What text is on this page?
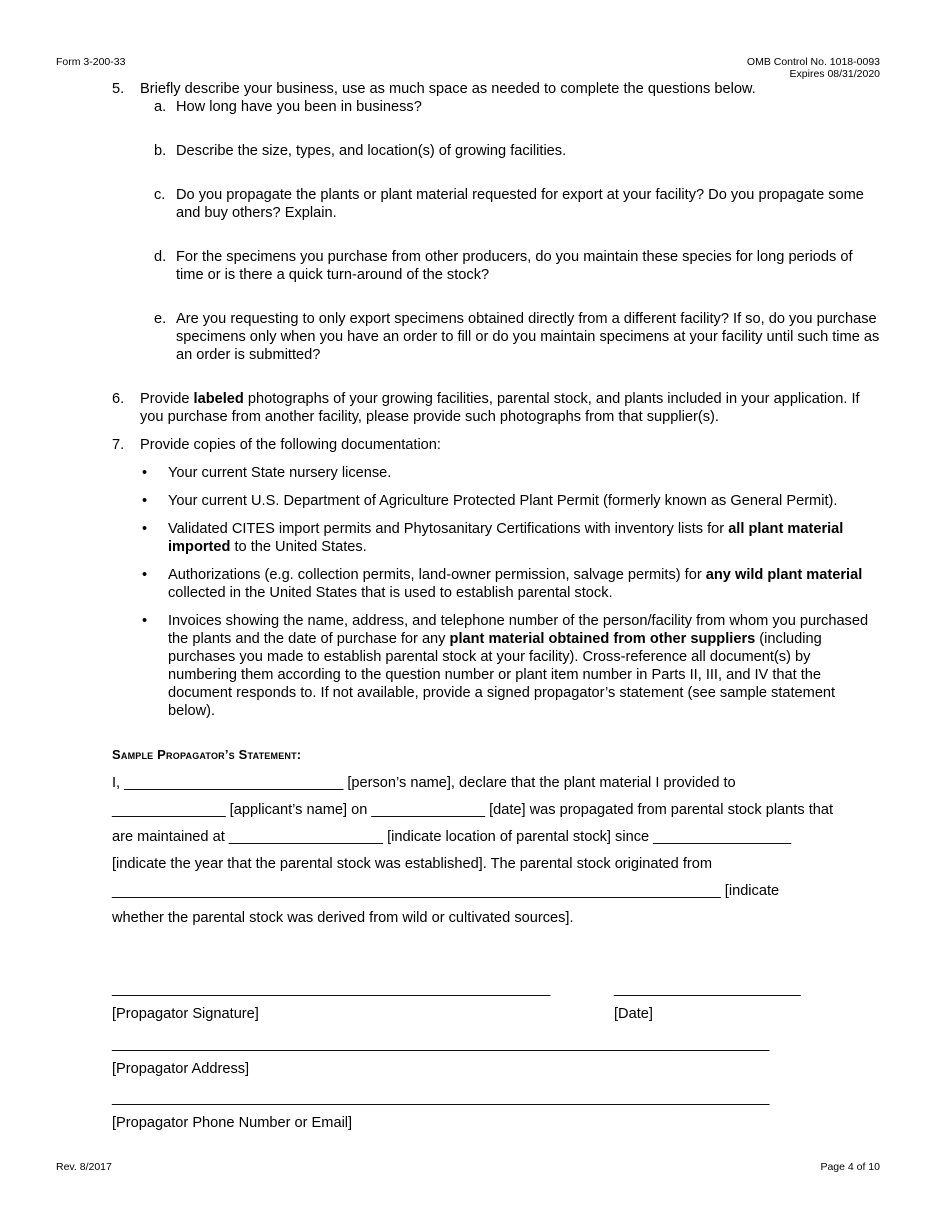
Form 3-200-33	OMB Control No. 1018-0093
Expires 08/31/2020
5. Briefly describe your business, use as much space as needed to complete the questions below.
a. How long have you been in business?
b. Describe the size, types, and location(s) of growing facilities.
c. Do you propagate the plants or plant material requested for export at your facility? Do you propagate some and buy others? Explain.
d. For the specimens you purchase from other producers, do you maintain these species for long periods of time or is there a quick turn-around of the stock?
e. Are you requesting to only export specimens obtained directly from a different facility? If so, do you purchase specimens only when you have an order to fill or do you maintain specimens at your facility until such time as an order is submitted?
6. Provide labeled photographs of your growing facilities, parental stock, and plants included in your application. If you purchase from another facility, please provide such photographs from that supplier(s).
7. Provide copies of the following documentation:
• Your current State nursery license.
• Your current U.S. Department of Agriculture Protected Plant Permit (formerly known as General Permit).
• Validated CITES import permits and Phytosanitary Certifications with inventory lists for all plant material imported to the United States.
• Authorizations (e.g. collection permits, land-owner permission, salvage permits) for any wild plant material collected in the United States that is used to establish parental stock.
• Invoices showing the name, address, and telephone number of the person/facility from whom you purchased the plants and the date of purchase for any plant material obtained from other suppliers (including purchases you made to establish parental stock at your facility). Cross-reference all document(s) by numbering them according to the question number or plant item number in Parts II, III, and IV that the document responds to. If not available, provide a signed propagator’s statement (see sample statement below).
Sample Propagator’s Statement:
I, ___________________________ [person’s name], declare that the plant material I provided to
______________ [applicant’s name] on ______________ [date] was propagated from parental stock plants that
are maintained at ___________________ [indicate location of parental stock] since _________________
[indicate the year that the parental stock was established]. The parental stock originated from
___________________________________________________________________________ [indicate
whether the parental stock was derived from wild or cultivated sources].
______________________________________________________	_______________________
[Propagator Signature]	[Date]
_________________________________________________________________________________
[Propagator Address]
_________________________________________________________________________________
[Propagator Phone Number or Email]
Rev. 8/2017	Page 4 of 10
